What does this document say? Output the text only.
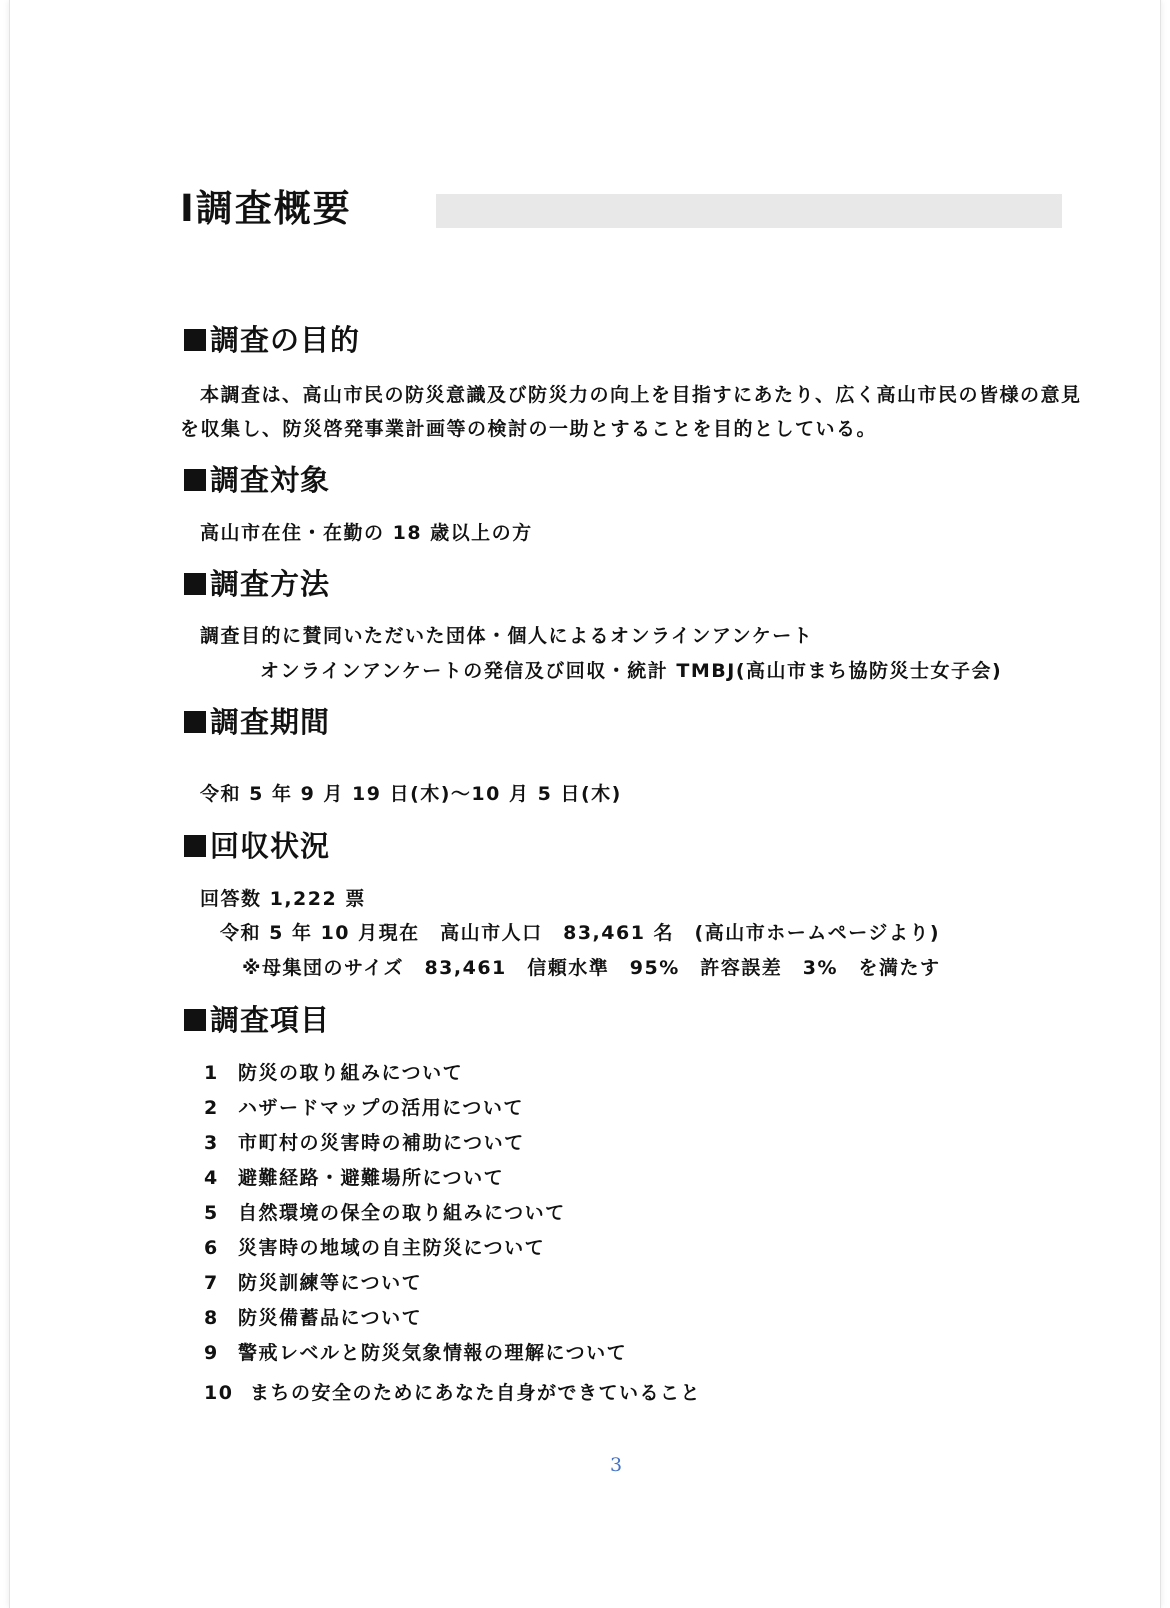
Ⅰ調査概要
調査の目的
本調査は、高山市民の防災意識及び防災力の向上を目指すにあたり、広く高山市民の皆様の意見
を収集し、防災啓発事業計画等の検討の一助とすることを目的としている。
調査対象
高山市在住・在勤の 18 歳以上の方
調査方法
調査目的に賛同いただいた団体・個人によるオンラインアンケート
オンラインアンケートの発信及び回収・統計 TMBJ(高山市まち協防災士女子会)
調査期間
令和 5 年 9 月 19 日(木)～10 月 5 日(木)
回収状況
回答数 1,222 票
令和 5 年 10 月現在　高山市人口　83,461 名　(高山市ホームページより)
※母集団のサイズ　83,461　信頼水準　95%　許容誤差　3%　を満たす
調査項目
1 防災の取り組みについて
2 ハザードマップの活用について
3 市町村の災害時の補助について
4 避難経路・避難場所について
5 自然環境の保全の取り組みについて
6 災害時の地域の自主防災について
7 防災訓練等について
8 防災備蓄品について
9 警戒レベルと防災気象情報の理解について
10 まちの安全のためにあなた自身ができていること
3
